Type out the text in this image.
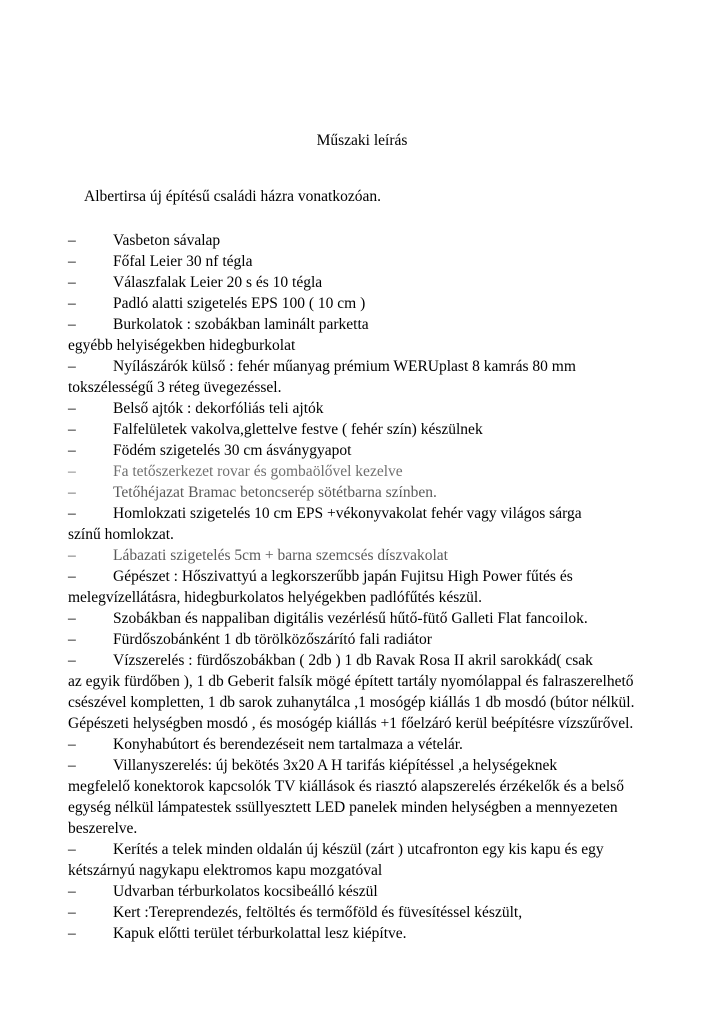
Műszaki leírás
Albertirsa új építésű családi házra vonatkozóan.
– Vasbeton sávalap
– Főfal Leier 30 nf tégla
– Válaszfalak Leier 20 s és 10 tégla
– Padló alatti szigetelés EPS 100 ( 10 cm )
– Burkolatok : szobákban laminált parketta
egyébb helyiségekben hidegburkolat
– Nyílászárók külső : fehér műanyag prémium WERUplast 8 kamrás 80 mm
tokszélességű 3 réteg üvegezéssel.
– Belső ajtók : dekorfóliás teli ajtók
– Falfelületek vakolva,glettelve festve ( fehér szín) készülnek
– Födém szigetelés 30 cm ásványgyapot
– Fa tetőszerkezet rovar és gombaölővel kezelve
– Tetőhéjazat Bramac betoncserép sötétbarna színben.
– Homlokzati szigetelés 10 cm EPS +vékonyvakolat fehér vagy világos sárga
színű homlokzat.
– Lábazati szigetelés 5cm + barna szemcsés díszvakolat
– Gépészet : Hőszivattyú a legkorszerűbb japán Fujitsu High Power fűtés és
melegvízellátásra, hidegburkolatos helyégekben padlófűtés készül.
– Szobákban és nappaliban digitális vezérlésű hűtő-fütő Galleti Flat fancoilok.
– Fürdőszobánként 1 db törölközőszárító fali radiátor
– Vízszerelés : fürdőszobákban ( 2db ) 1 db Ravak Rosa II akril sarokkád( csak
az egyik fürdőben ), 1 db Geberit falsík mögé épített tartály nyomólappal és falraszerelhető csészével kompletten, 1 db sarok zuhanytálca ,1 mosógép kiállás 1 db mosdó (bútor nélkül. Gépészeti helységben mosdó , és mosógép kiállás +1 főelzáró kerül beépítésre vízszűrővel.
– Konyhabútort és berendezéseit nem tartalmaza a vételár.
– Villanyszerelés: új bekötés 3x20 A H tarifás kiépítéssel ,a helységeknek
megfelelő konektorok kapcsolók TV kiállások és riasztó alapszerelés érzékelők és a belső egység nélkül lámpatestek ssüllyesztett LED panelek minden helységben a mennyezeten beszerelve.
– Kerítés a telek minden oldalán új készül (zárt ) utcafronton egy kis kapu és egy
kétszárnyú nagykapu elektromos kapu mozgatóval
– Udvarban térburkolatos kocsibeálló készül
– Kert :Tereprendezés, feltöltés és termőföld és füvesítéssel készült,
– Kapuk előtti terület térburkolattal lesz kiépítve.
